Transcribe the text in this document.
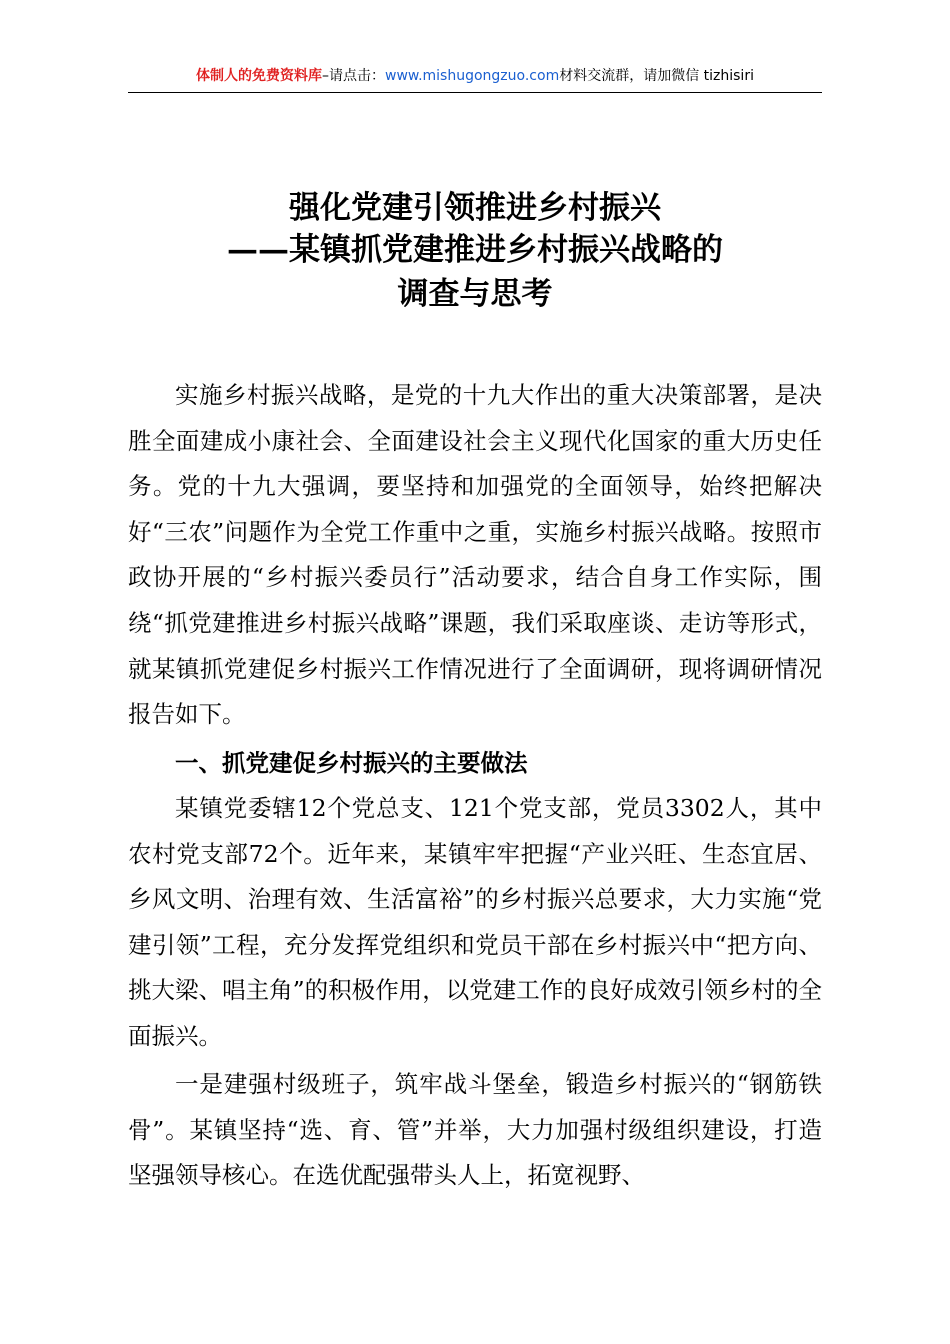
体制人的免费资料库–请点击：www.mishugongzuo.com材料交流群，请加微信 tizhisiri
强化党建引领推进乡村振兴
——某镇抓党建推进乡村振兴战略的
调查与思考

实施乡村振兴战略，是党的十九大作出的重大决策部署，是决胜全面建成小康社会、全面建设社会主义现代化国家的重大历史任务。党的十九大强调，要坚持和加强党的全面领导，始终把解决好“三农”问题作为全党工作重中之重，实施乡村振兴战略。按照市政协开展的“乡村振兴委员行”活动要求，结合自身工作实际，围绕“抓党建推进乡村振兴战略”课题，我们采取座谈、走访等形式，就某镇抓党建促乡村振兴工作情况进行了全面调研，现将调研情况报告如下。

一、抓党建促乡村振兴的主要做法

某镇党委辖12个党总支、121个党支部，党员3302人，其中农村党支部72个。近年来，某镇牢牢把握“产业兴旺、生态宜居、乡风文明、治理有效、生活富裕”的乡村振兴总要求，大力实施“党建引领”工程，充分发挥党组织和党员干部在乡村振兴中“把方向、挑大梁、唱主角”的积极作用，以党建工作的良好成效引领乡村的全面振兴。

一是建强村级班子，筑牢战斗堡垒，锻造乡村振兴的“钢筋铁骨”。某镇坚持“选、育、管”并举，大力加强村级组织建设，打造坚强领导核心。在选优配强带头人上，拓宽视野、
